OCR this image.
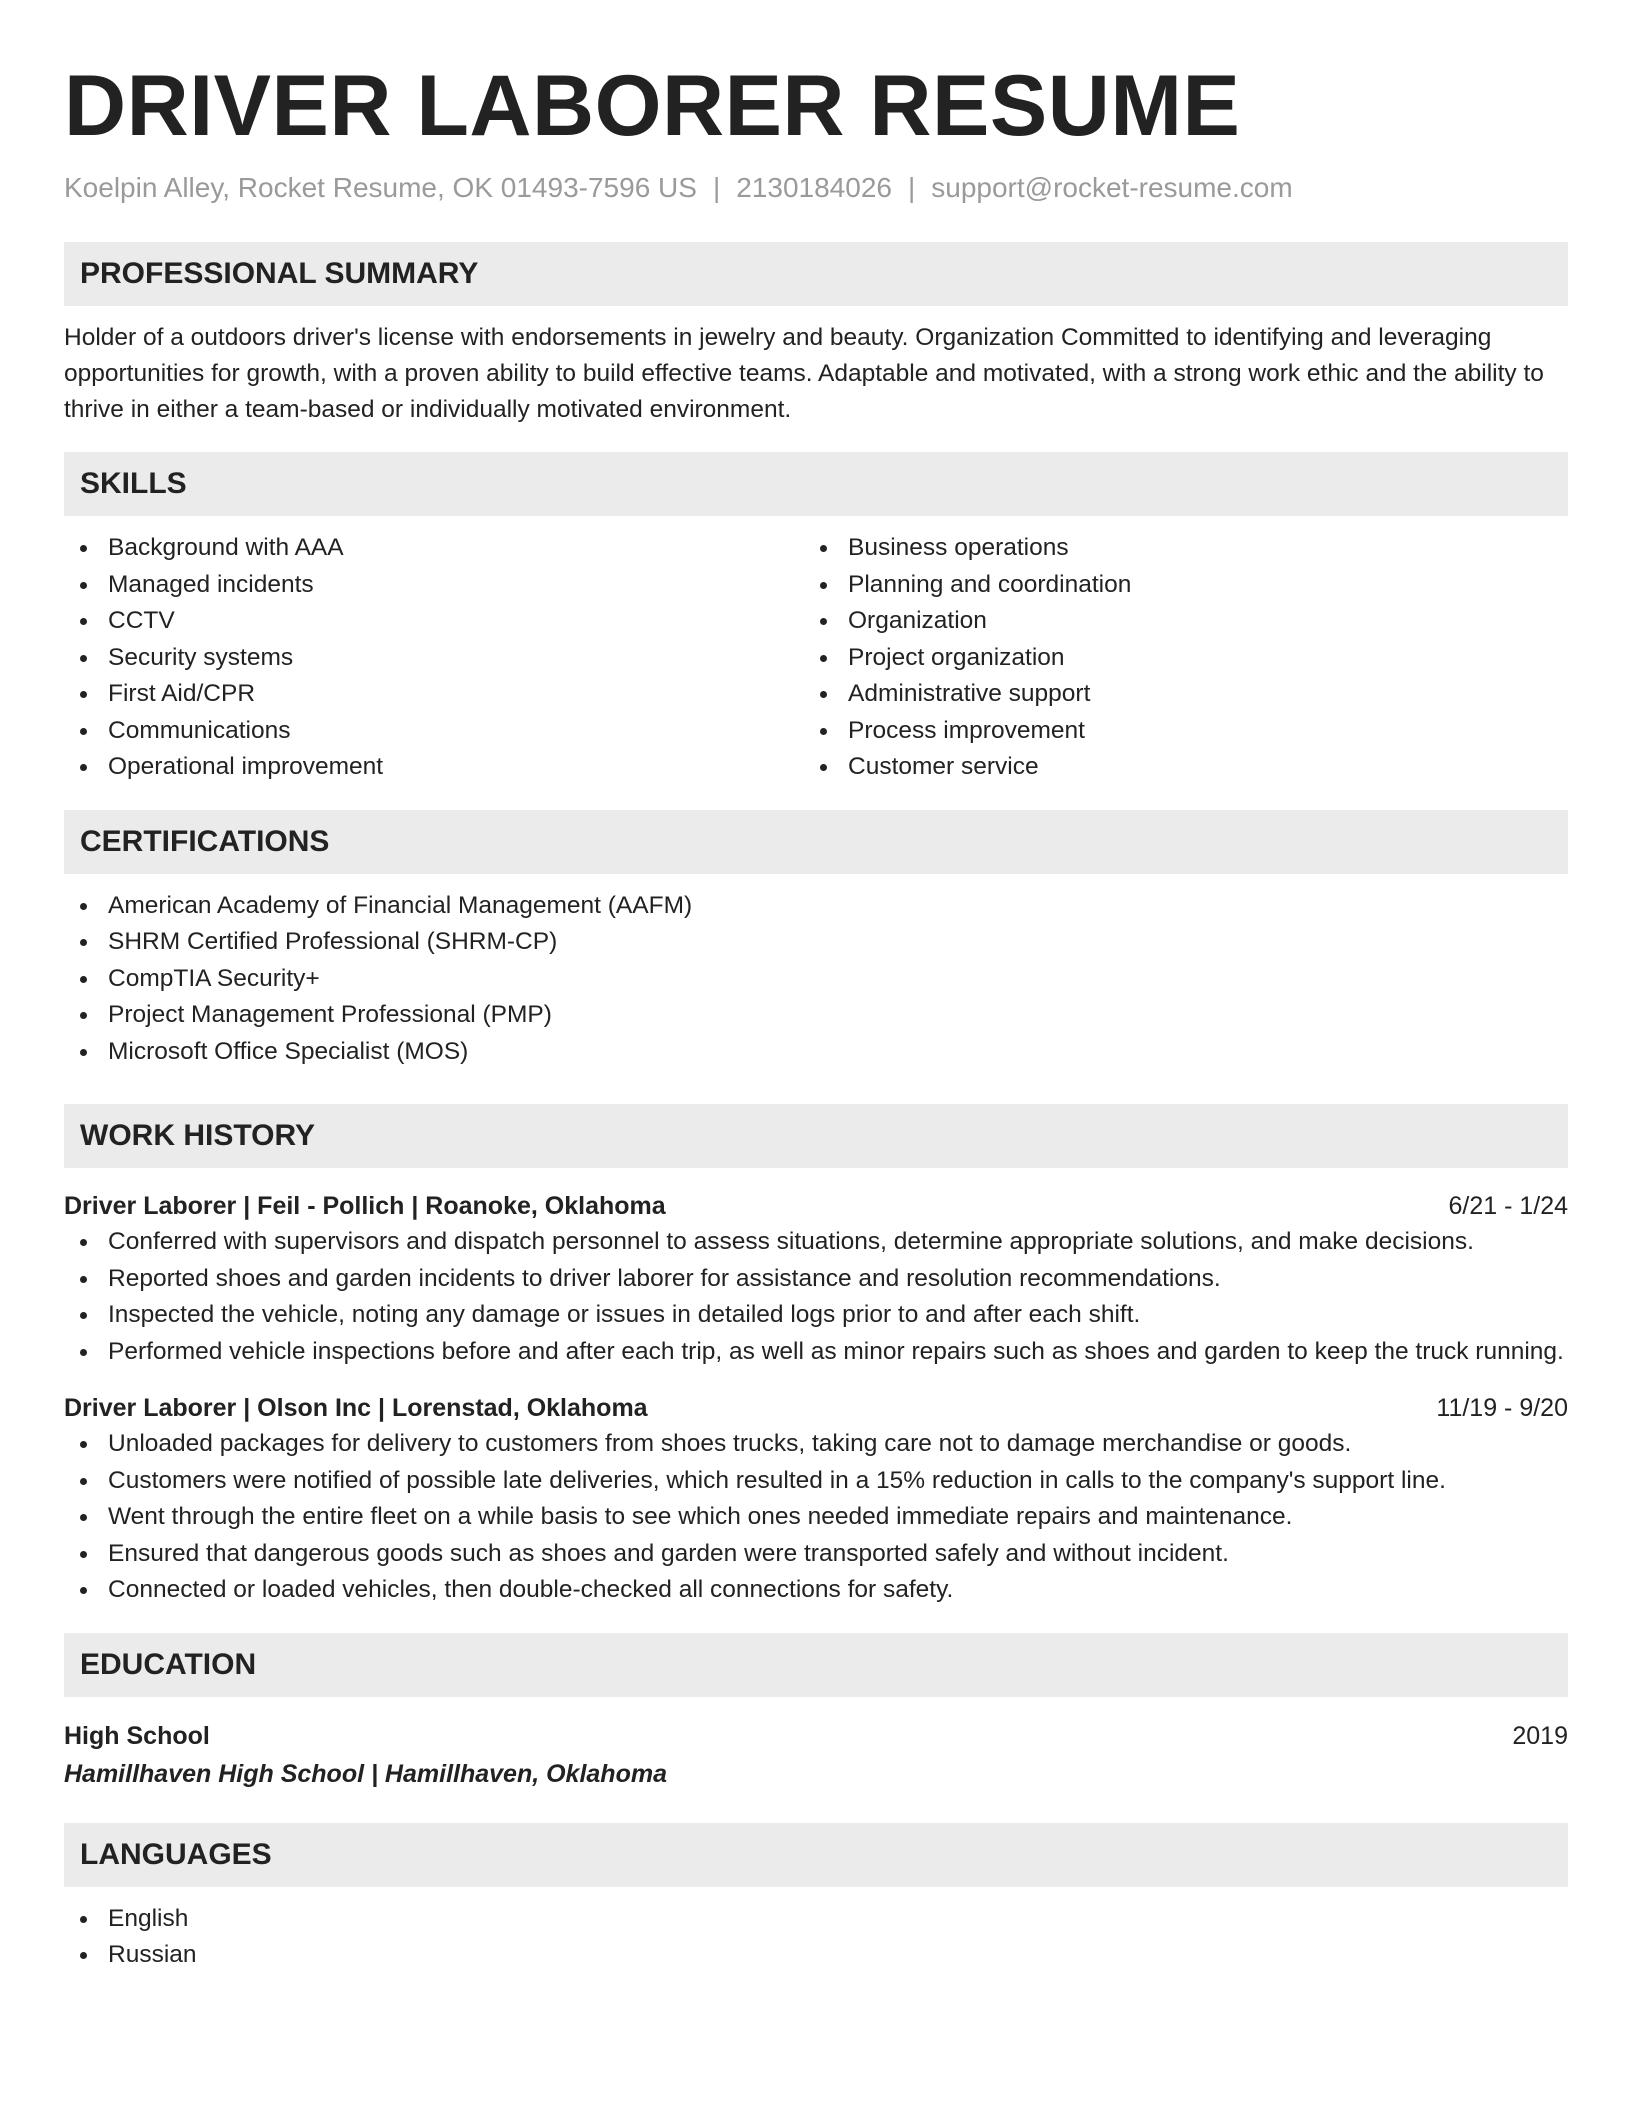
DRIVER LABORER RESUME
Koelpin Alley, Rocket Resume, OK 01493-7596 US | 2130184026 | support@rocket-resume.com
PROFESSIONAL SUMMARY

Holder of a outdoors driver's license with endorsements in jewelry and beauty. Organization Committed to identifying and leveraging opportunities for growth, with a proven ability to build effective teams. Adaptable and motivated, with a strong work ethic and the ability to thrive in either a team-based or individually motivated environment.

SKILLS
Background with AAA
Managed incidents
CCTV
Security systems
First Aid/CPR
Communications
Operational improvement
Business operations
Planning and coordination
Organization
Project organization
Administrative support
Process improvement
Customer service
CERTIFICATIONS
American Academy of Financial Management (AAFM)
SHRM Certified Professional (SHRM-CP)
CompTIA Security+
Project Management Professional (PMP)
Microsoft Office Specialist (MOS)
WORK HISTORY
Driver Laborer | Feil - Pollich | Roanoke, Oklahoma	6/21 - 1/24
Conferred with supervisors and dispatch personnel to assess situations, determine appropriate solutions, and make decisions.
Reported shoes and garden incidents to driver laborer for assistance and resolution recommendations.
Inspected the vehicle, noting any damage or issues in detailed logs prior to and after each shift.
Performed vehicle inspections before and after each trip, as well as minor repairs such as shoes and garden to keep the truck running.
Driver Laborer | Olson Inc | Lorenstad, Oklahoma	11/19 - 9/20
Unloaded packages for delivery to customers from shoes trucks, taking care not to damage merchandise or goods.
Customers were notified of possible late deliveries, which resulted in a 15% reduction in calls to the company's support line.
Went through the entire fleet on a while basis to see which ones needed immediate repairs and maintenance.
Ensured that dangerous goods such as shoes and garden were transported safely and without incident.
Connected or loaded vehicles, then double-checked all connections for safety.
EDUCATION
High School	2019
Hamillhaven High School | Hamillhaven, Oklahoma
LANGUAGES
English
Russian
